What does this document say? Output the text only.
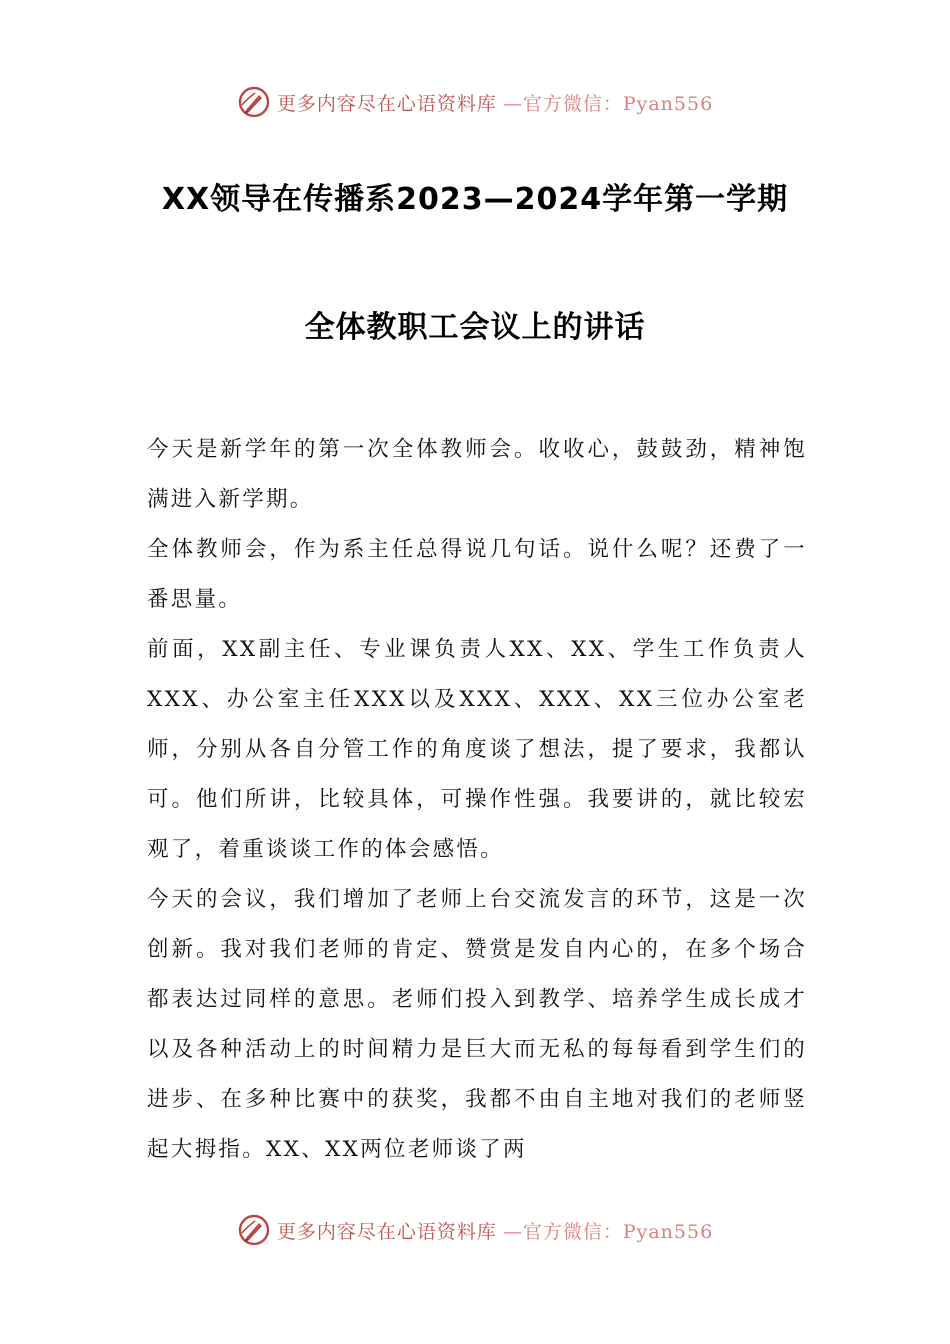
更多内容尽在心语资料库 —官方微信：Pyan556
XX领导在传播系2023—2024学年第一学期
全体教职工会议上的讲话

今天是新学年的第一次全体教师会。收收心，鼓鼓劲，精神饱满进入新学期。

全体教师会，作为系主任总得说几句话。说什么呢？还费了一番思量。

前面，XX副主任、专业课负责人XX、XX、学生工作负责人XXX、办公室主任XXX以及XXX、XXX、XX三位办公室老师，分别从各自分管工作的角度谈了想法，提了要求，我都认可。他们所讲，比较具体，可操作性强。我要讲的，就比较宏观了，着重谈谈工作的体会感悟。

今天的会议，我们增加了老师上台交流发言的环节，这是一次创新。我对我们老师的肯定、赞赏是发自内心的，在多个场合都表达过同样的意思。老师们投入到教学、培养学生成长成才以及各种活动上的时间精力是巨大而无私的每每看到学生们的进步、在多种比赛中的获奖，我都不由自主地对我们的老师竖起大拇指。XX、XX两位老师谈了两

更多内容尽在心语资料库 —官方微信：Pyan556
